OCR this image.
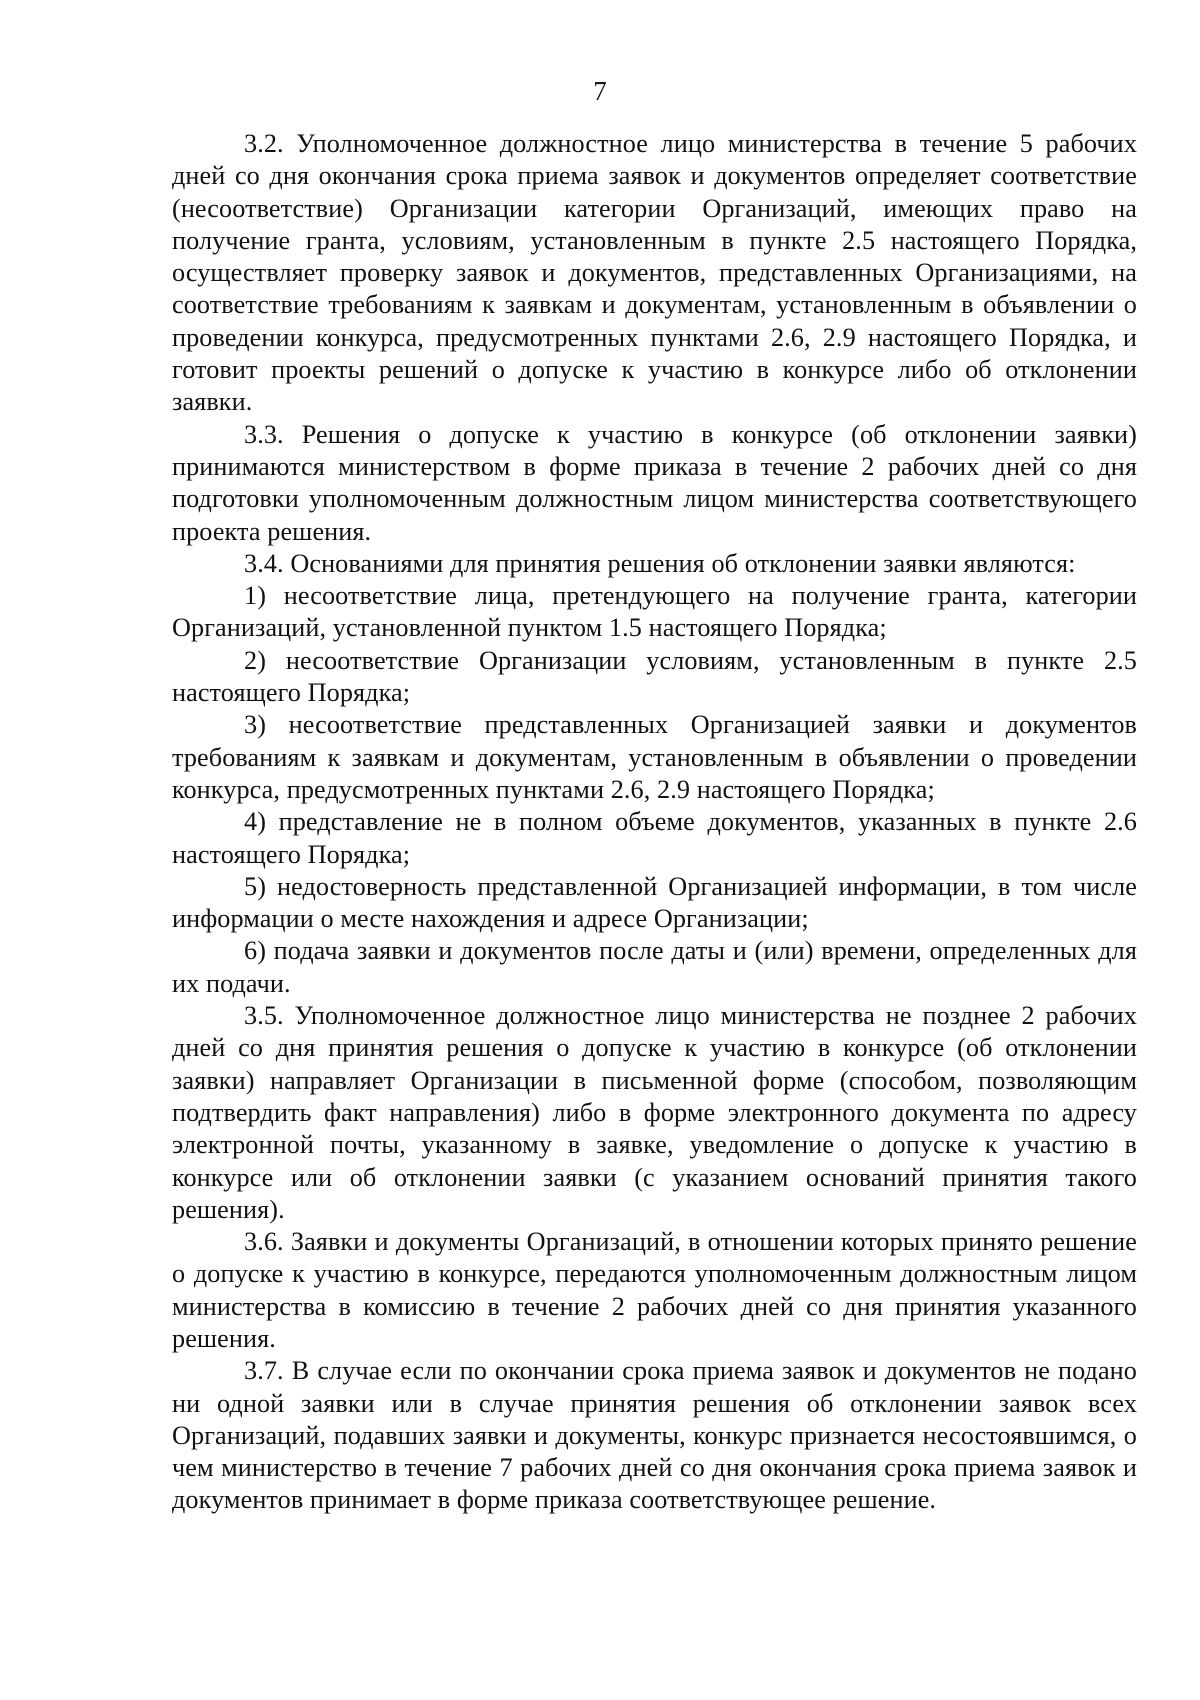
7

3.2. Уполномоченное должностное лицо министерства в течение 5 рабочих дней со дня окончания срока приема заявок и документов определяет соответствие (несоответствие) Организации категории Организаций, имеющих право на получение гранта, условиям, установленным в пункте 2.5 настоящего Порядка, осуществляет проверку заявок и документов, представленных Организациями, на соответствие требованиям к заявкам и документам, установленным в объявлении о проведении конкурса, предусмотренных пунктами 2.6, 2.9 настоящего Порядка, и готовит проекты решений о допуске к участию в конкурсе либо об отклонении заявки.

3.3. Решения о допуске к участию в конкурсе (об отклонении заявки) принимаются министерством в форме приказа в течение 2 рабочих дней со дня подготовки уполномоченным должностным лицом министерства соответствующего проекта решения.

3.4. Основаниями для принятия решения об отклонении заявки являются:

1) несоответствие лица, претендующего на получение гранта, категории Организаций, установленной пунктом 1.5 настоящего Порядка;

2) несоответствие Организации условиям, установленным в пункте 2.5 настоящего Порядка;

3) несоответствие представленных Организацией заявки и документов требованиям к заявкам и документам, установленным в объявлении о проведении конкурса, предусмотренных пунктами 2.6, 2.9 настоящего Порядка;

4) представление не в полном объеме документов, указанных в пункте 2.6 настоящего Порядка;

5) недостоверность представленной Организацией информации, в том числе информации о месте нахождения и адресе Организации;

6) подача заявки и документов после даты и (или) времени, определенных для их подачи.

3.5. Уполномоченное должностное лицо министерства не позднее 2 рабочих дней со дня принятия решения о допуске к участию в конкурсе (об отклонении заявки) направляет Организации в письменной форме (способом, позволяющим подтвердить факт направления) либо в форме электронного документа по адресу электронной почты, указанному в заявке, уведомление о допуске к участию в конкурсе или об отклонении заявки (с указанием оснований принятия такого решения).

3.6. Заявки и документы Организаций, в отношении которых принято решение о допуске к участию в конкурсе, передаются уполномоченным должностным лицом министерства в комиссию в течение 2 рабочих дней со дня принятия указанного решения.

3.7. В случае если по окончании срока приема заявок и документов не подано ни одной заявки или в случае принятия решения об отклонении заявок всех Организаций, подавших заявки и документы, конкурс признается несостоявшимся, о чем министерство в течение 7 рабочих дней со дня окончания срока приема заявок и документов принимает в форме приказа соответствующее решение.
